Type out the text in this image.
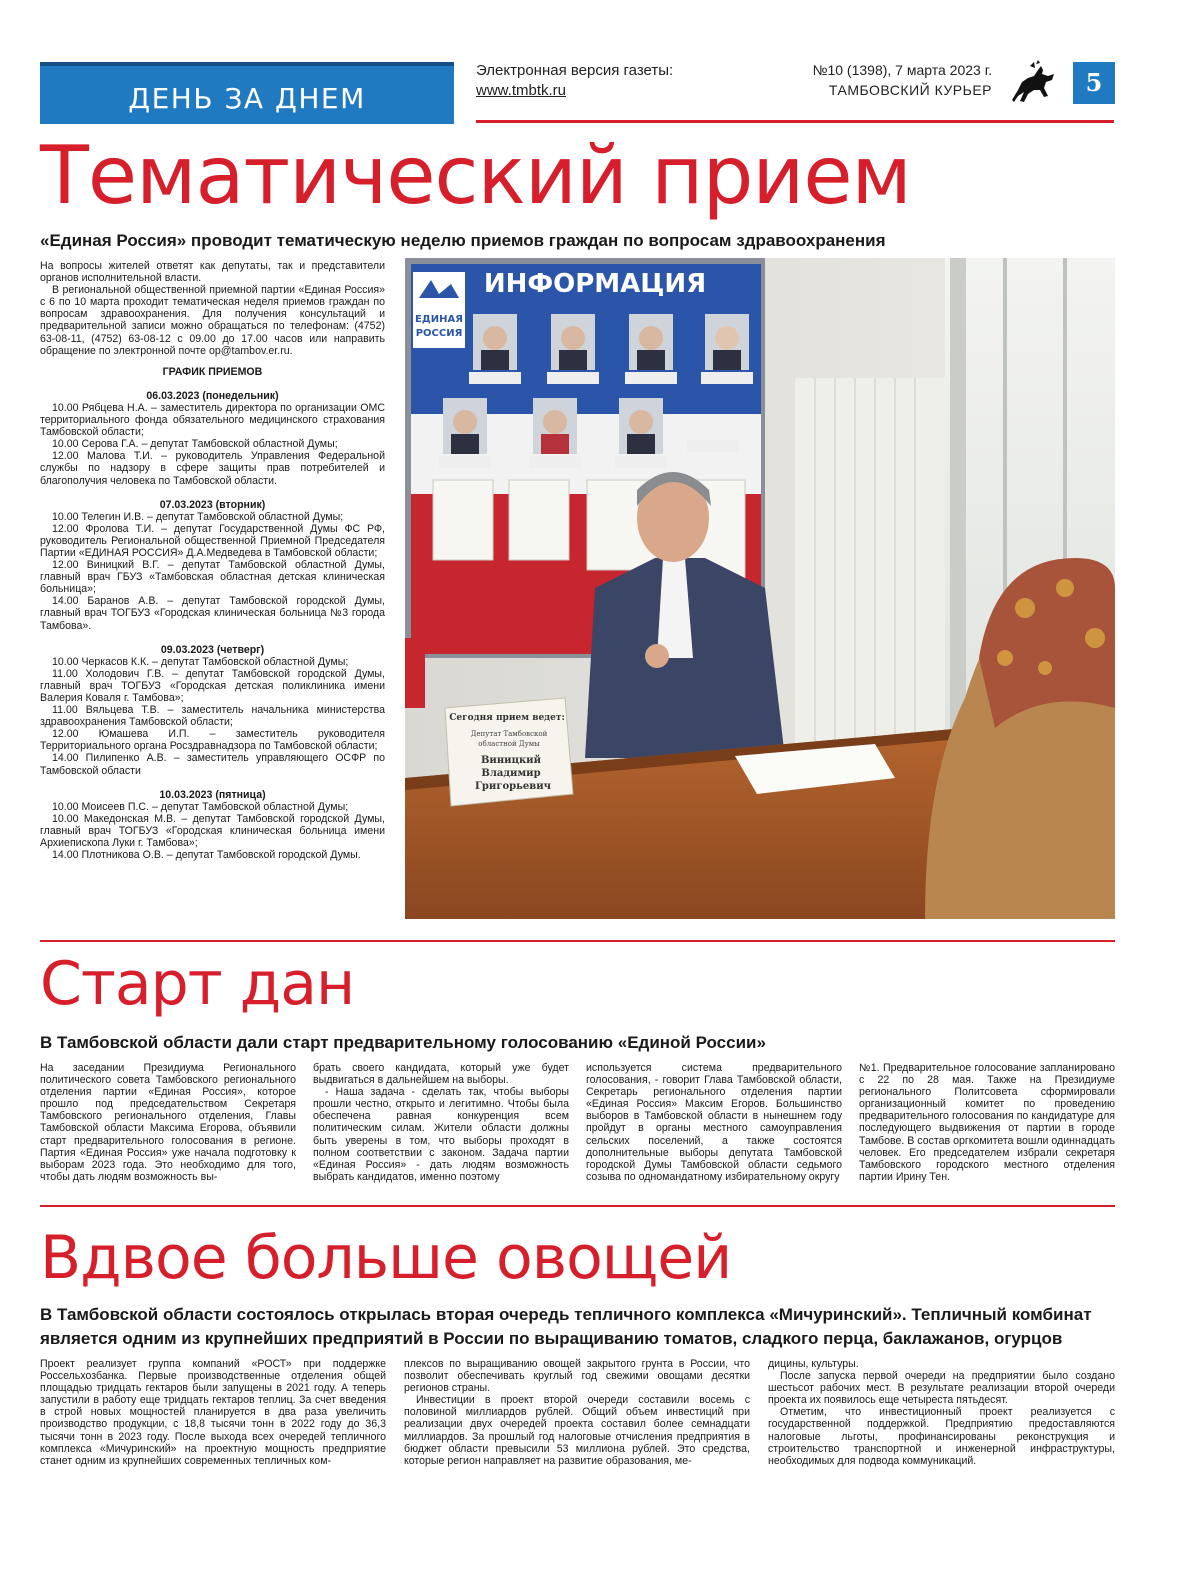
ДЕНЬ ЗА ДНЕМ
Электронная версия газеты:
www.tmbtk.ru
№10 (1398), 7 марта 2023 г.
ТАМБОВСКИЙ КУРЬЕР	5
Тематический прием
«Единая Россия» проводит тематическую неделю приемов граждан по вопросам здравоохранения

На вопросы жителей ответят как депутаты, так и представители органов исполнительной власти.

В региональной общественной приемной партии «Единая Россия» с 6 по 10 марта проходит тематическая неделя приемов граждан по вопросам здравоохранения. Для получения консультаций и предварительной записи можно обращаться по телефонам: (4752) 63-08-11, (4752) 63-08-12 с 09.00 до 17.00 часов или направить обращение по электронной почте op@tambov.er.ru.

ГРАФИК ПРИЕМОВ

06.03.2023 (понедельник)

10.00 Рябцева Н.А. – заместитель директора по организации ОМС территориального фонда обязательного медицинского страхования Тамбовской области;

10.00 Серова Г.А. – депутат Тамбовской областной Думы;

12.00 Малова Т.И. – руководитель Управления Федеральной службы по надзору в сфере защиты прав потребителей и благополучия человека по Тамбовской области.

07.03.2023 (вторник)

10.00 Телегин И.В. – депутат Тамбовской областной Думы;

12.00 Фролова Т.И. – депутат Государственной Думы ФС РФ, руководитель Региональной общественной Приемной Председателя Партии «ЕДИНАЯ РОССИЯ» Д.А.Медведева в Тамбовской области;

12.00 Виницкий В.Г. – депутат Тамбовской областной Думы, главный врач ГБУЗ «Тамбовская областная детская клиническая больница»;

14.00 Баранов А.В. – депутат Тамбовской городской Думы, главный врач ТОГБУЗ «Городская клиническая больница №3 города Тамбова».

09.03.2023 (четверг)

10.00 Черкасов К.К. – депутат Тамбовской областной Думы;

11.00 Холодович Г.В. – депутат Тамбовской городской Думы, главный врач ТОГБУЗ «Городская детская поликлиника имени Валерия Коваля г. Тамбова»;

11.00 Вяльцева Т.В. – заместитель начальника министерства здравоохранения Тамбовской области;

12.00 Юмашева И.П. – заместитель руководителя Территориального органа Росздравнадзора по Тамбовской области;

14.00 Пилипенко А.В. – заместитель управляющего ОСФР по Тамбовской области

10.03.2023 (пятница)

10.00 Моисеев П.С. – депутат Тамбовской областной Думы;

10.00 Македонская М.В. – депутат Тамбовской городской Думы, главный врач ТОГБУЗ «Городская клиническая больница имени Архиепископа Луки г. Тамбова»;

14.00 Плотникова О.В. – депутат Тамбовской городской Думы.

ИНФОРМАЦИЯ
ЕДИНАЯ
РОССИЯ
Сегодня прием ведет:
Депутат Тамбовской
областной Думы
Виницкий
Владимир
Григорьевич
Старт дан
В Тамбовской области дали старт предварительному голосованию «Единой России»

На заседании Президиума Регионального политического совета Тамбовского регионального отделения партии «Единая Россия», которое прошло под председательством Секретаря Тамбовского регионального отделения, Главы Тамбовской области Максима Егорова, объявили старт предварительного голосования в регионе. Партия «Единая Россия» уже начала подготовку к выборам 2023 года. Это необходимо для того, чтобы дать людям возможность вы-

брать своего кандидата, который уже будет выдвигаться в дальнейшем на выборы.

- Наша задача - сделать так, чтобы выборы прошли честно, открыто и легитимно. Чтобы была обеспечена равная конкуренция всем политическим силам. Жители области должны быть уверены в том, что выборы проходят в полном соответствии с законом. Задача партии «Единая Россия» - дать людям возможность выбрать кандидатов, именно поэтому

используется система предварительного голосования, - говорит Глава Тамбовской области, Секретарь регионального отделения партии «Единая Россия» Максим Егоров. Большинство выборов в Тамбовской области в нынешнем году пройдут в органы местного самоуправления сельских поселений, а также состоятся дополнительные выборы депутата Тамбовской городской Думы Тамбовской области седьмого созыва по одномандатному избирательному округу

№1. Предварительное голосование запланировано с 22 по 28 мая. Также на Президиуме регионального Политсовета сформировали организационный комитет по проведению предварительного голосования по кандидатуре для последующего выдвижения от партии в городе Тамбове. В состав оргкомитета вошли одиннадцать человек. Его председателем избрали секретаря Тамбовского городского местного отделения партии Ирину Тен.

Вдвое больше овощей
В Тамбовской области состоялось открылась вторая очередь тепличного комплекса «Мичуринский». Тепличный комбинат является одним из крупнейших предприятий в России по выращиванию томатов, сладкого перца, баклажанов, огурцов

Проект реализует группа компаний «РОСТ» при поддержке Россельхозбанка. Первые производственные отделения общей площадью тридцать гектаров были запущены в 2021 году. А теперь запустили в работу еще тридцать гектаров теплиц. За счет введения в строй новых мощностей планируется в два раза увеличить производство продукции, с 18,8 тысячи тонн в 2022 году до 36,3 тысячи тонн в 2023 году. После выхода всех очередей тепличного комплекса «Мичуринский» на проектную мощность предприятие станет одним из крупнейших современных тепличных ком-

плексов по выращиванию овощей закрытого грунта в России, что позволит обеспечивать круглый год свежими овощами десятки регионов страны.

Инвестиции в проект второй очереди составили восемь с половиной миллиардов рублей. Общий объем инвестиций при реализации двух очередей проекта составил более семнадцати миллиардов. За прошлый год налоговые отчисления предприятия в бюджет области превысили 53 миллиона рублей. Это средства, которые регион направляет на развитие образования, ме-

дицины, культуры.

После запуска первой очереди на предприятии было создано шестьсот рабочих мест. В результате реализации второй очереди проекта их появилось еще четыреста пятьдесят.

Отметим, что инвестиционный проект реализуется с государственной поддержкой. Предприятию предоставляются налоговые льготы, профинансированы реконструкция и строительство транспортной и инженерной инфраструктуры, необходимых для подвода коммуникаций.
